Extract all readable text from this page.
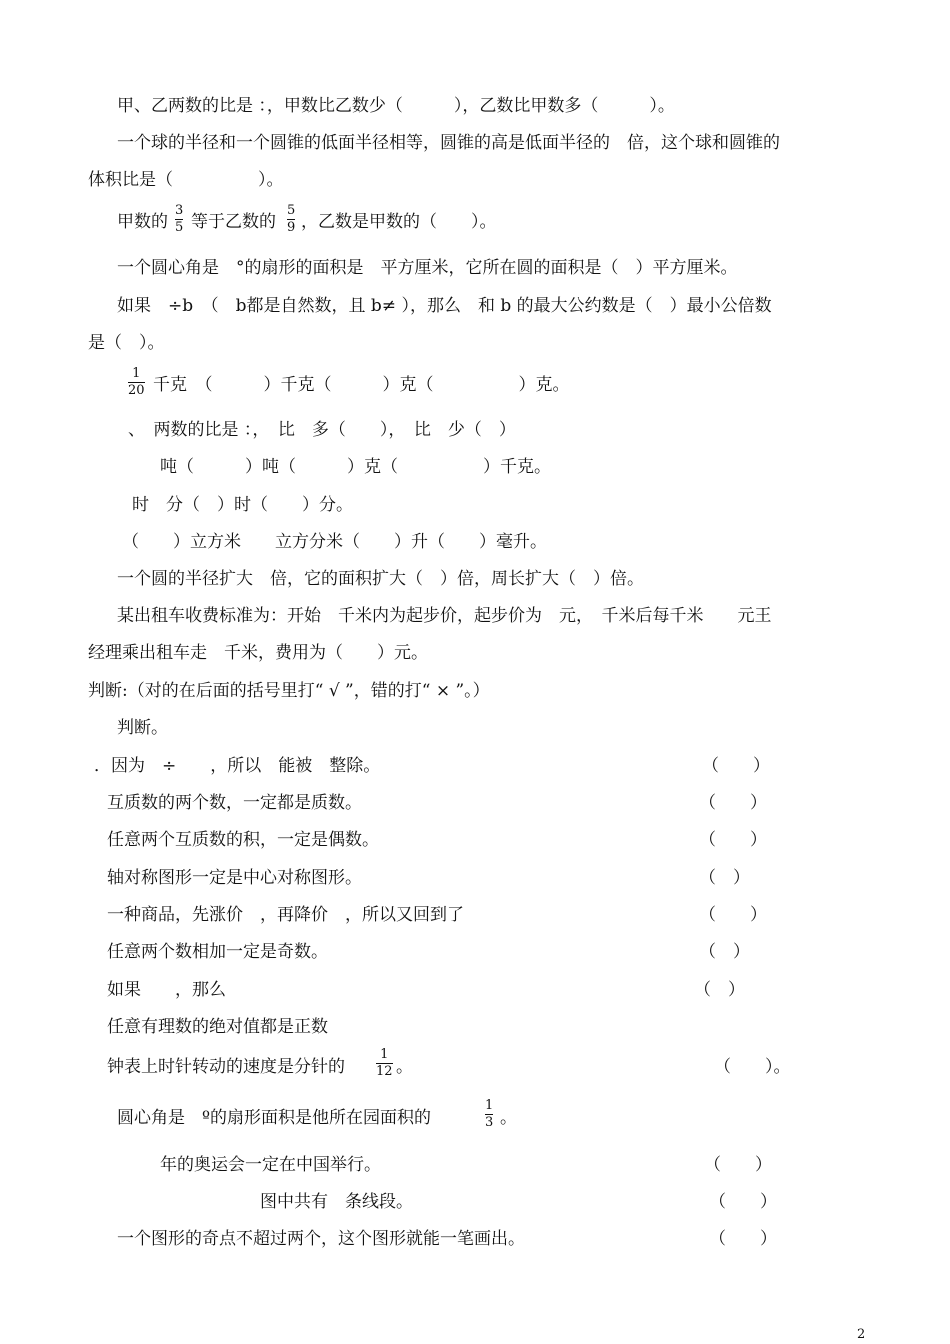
甲、乙两数的比是 ：，甲数比乙数少（　　　），乙数比甲数多（　　　）。
一个球的半径和一个圆锥的低面半径相等，圆锥的高是低面半径的　倍，这个球和圆锥的
体积比是（　　　　　）。
甲数的
3
5 等于乙数的
5
9 ，乙数是甲数的（　　）。
一个圆心角是　°的扇形的面积是　平方厘米，它所在圆的面积是（　）平方厘米。
如果　÷b　（　b都是自然数，且 b≠ ），那么　和 b 的最大公约数是（　）最小公倍数
是（　）。
1
20 千克　（　　　）千克（　　　）克（　　　　　）克。
、　两数的比是 ：，　比　多（　　），　比　少（　）
吨（　　　）吨（　　　）克（　　　　　）千克。
时　分（　）时（　　）分。
（　　）立方米　　立方分米（　　）升（　　）毫升。
一个圆的半径扩大　倍，它的面积扩大（　）倍，周长扩大（　）倍。
某出租车收费标准为：开始　千米内为起步价，起步价为　元，　千米后每千米　　元王
经理乘出租车走　千米，费用为（　　）元。
判断:（对的在后面的括号里打“ √ ”，错的打“ × ”。）
判断。
．因为　÷　　，所以　能被　整除。	（　　）
互质数的两个数，一定都是质数。	（　　）
任意两个互质数的积，一定是偶数。	（　　）
轴对称图形一定是中心对称图形。	（　）
一种商品，先涨价　，再降价　，所以又回到了	（　　）
任意两个数相加一定是奇数。	（　）
如果　　，那么	（　）
任意有理数的绝对值都是正数
钟表上时针转动的速度是分针的
1
12 。	（　　）。
圆心角是　º的扇形面积是他所在园面积的
1
3 。
年的奥运会一定在中国举行。	（　　）
图中共有　条线段。	（　　）
一个图形的奇点不超过两个，这个图形就能一笔画出。	（　　）
2
